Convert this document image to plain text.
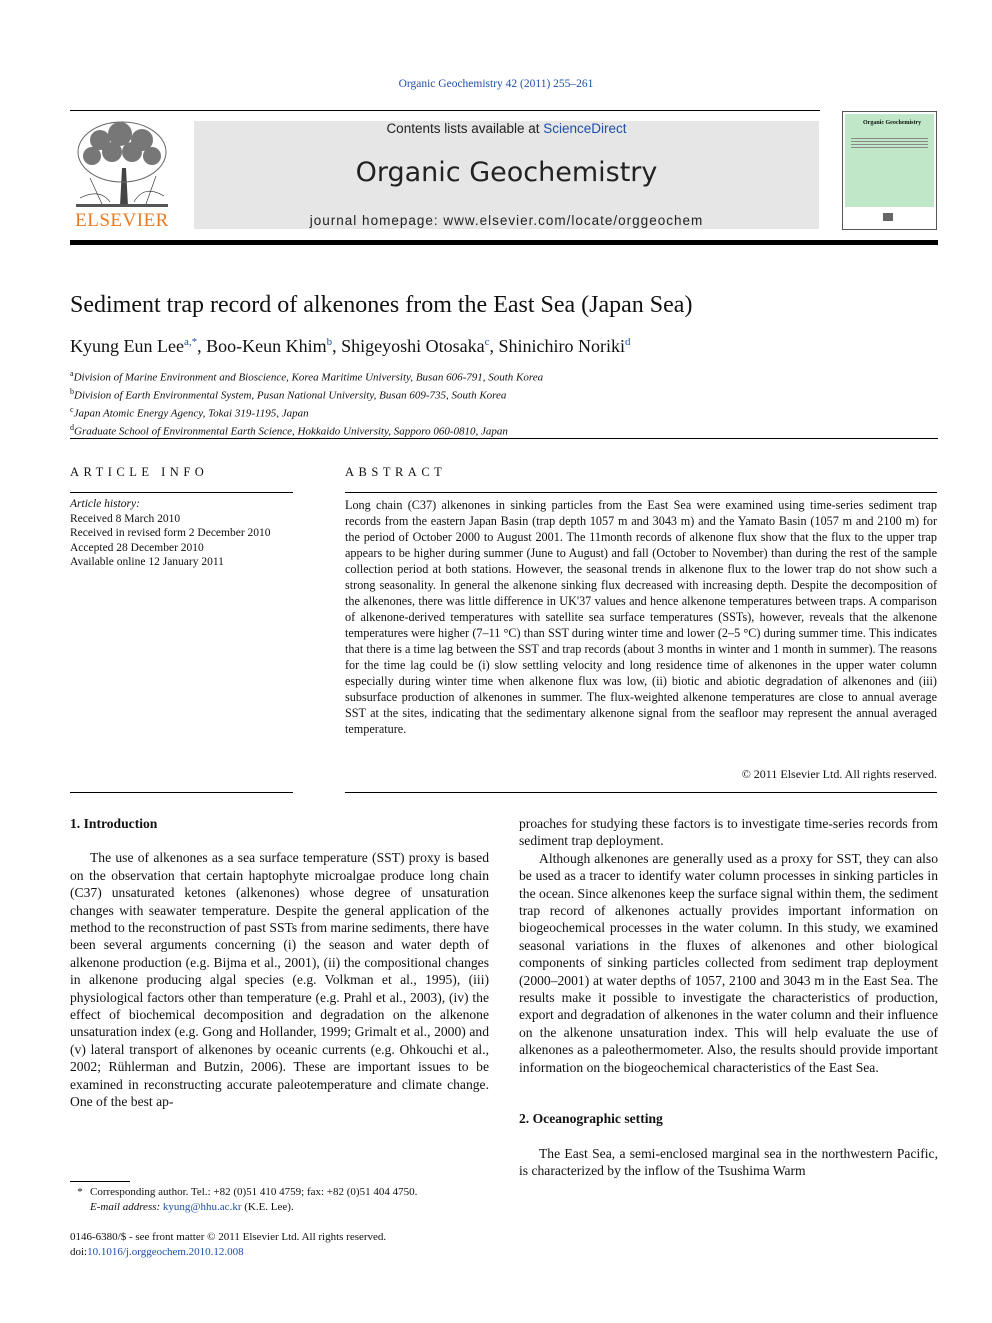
Organic Geochemistry 42 (2011) 255–261
ELSEVIER
Contents lists available at ScienceDirect
Organic Geochemistry
journal homepage: www.elsevier.com/locate/orggeochem
Organic Geochemistry
Sediment trap record of alkenones from the East Sea (Japan Sea)
Kyung Eun Lee$^{a,*}$, Boo-Keun Khim$^b$, Shigeyoshi Otosaka$^c$, Shinichiro Noriki$^d$
$^a$Division of Marine Environment and Bioscience, Korea Maritime University, Busan 606-791, South Korea
$^b$Division of Earth Environmental System, Pusan National University, Busan 609-735, South Korea
$^c$Japan Atomic Energy Agency, Tokai 319-1195, Japan
$^d$Graduate School of Environmental Earth Science, Hokkaido University, Sapporo 060-0810, Japan
ARTICLE INFO
Article history:
Received 8 March 2010
Received in revised form 2 December 2010
Accepted 28 December 2010
Available online 12 January 2011
ABSTRACT
Long chain (C37) alkenones in sinking particles from the East Sea were examined using time-series sediment trap records from the eastern Japan Basin (trap depth 1057 m and 3043 m) and the Yamato Basin (1057 m and 2100 m) for the period of October 2000 to August 2001. The 11month records of alkenone flux show that the flux to the upper trap appears to be higher during summer (June to August) and fall (October to November) than during the rest of the sample collection period at both stations. However, the seasonal trends in alkenone flux to the lower trap do not show such a strong seasonality. In general the alkenone sinking flux decreased with increasing depth. Despite the decomposition of the alkenones, there was little difference in UK'37 values and hence alkenone temperatures between traps. A comparison of alkenone-derived temperatures with satellite sea surface temperatures (SSTs), however, reveals that the alkenone temperatures were higher (7–11 °C) than SST during winter time and lower (2–5 °C) during summer time. This indicates that there is a time lag between the SST and trap records (about 3 months in winter and 1 month in summer). The reasons for the time lag could be (i) slow settling velocity and long residence time of alkenones in the upper water column especially during winter time when alkenone flux was low, (ii) biotic and abiotic degradation of alkenones and (iii) subsurface production of alkenones in summer. The flux-weighted alkenone temperatures are close to annual average SST at the sites, indicating that the sedimentary alkenone signal from the seafloor may represent the annual averaged temperature.
© 2011 Elsevier Ltd. All rights reserved.

1. Introduction

The use of alkenones as a sea surface temperature (SST) proxy is based on the observation that certain haptophyte microalgae produce long chain (C37) unsaturated ketones (alkenones) whose degree of unsaturation changes with seawater temperature. Despite the general application of the method to the reconstruction of past SSTs from marine sediments, there have been several arguments concerning (i) the season and water depth of alkenone production (e.g. Bijma et al., 2001), (ii) the compositional changes in alkenone producing algal species (e.g. Volkman et al., 1995), (iii) physiological factors other than temperature (e.g. Prahl et al., 2003), (iv) the effect of biochemical decomposition and degradation on the alkenone unsaturation index (e.g. Gong and Hollander, 1999; Grimalt et al., 2000) and (v) lateral transport of alkenones by oceanic currents (e.g. Ohkouchi et al., 2002; Rühlerman and Butzin, 2006). These are important issues to be examined in reconstructing accurate paleotemperature and climate change. One of the best ap-

proaches for studying these factors is to investigate time-series records from sediment trap deployment.

Although alkenones are generally used as a proxy for SST, they can also be used as a tracer to identify water column processes in sinking particles in the ocean. Since alkenones keep the surface signal within them, the sediment trap record of alkenones actually provides important information on biogeochemical processes in the water column. In this study, we examined seasonal variations in the fluxes of alkenones and other biological components of sinking particles collected from sediment trap deployment (2000–2001) at water depths of 1057, 2100 and 3043 m in the East Sea. The results make it possible to investigate the characteristics of production, export and degradation of alkenones in the water column and their influence on the alkenone unsaturation index. This will help evaluate the use of alkenones as a paleothermometer. Also, the results should provide important information on the biogeochemical characteristics of the East Sea.

2. Oceanographic setting

The East Sea, a semi-enclosed marginal sea in the northwestern Pacific, is characterized by the inflow of the Tsushima Warm

* Corresponding author. Tel.: +82 (0)51 410 4759; fax: +82 (0)51 404 4750.
E-mail address: kyung@hhu.ac.kr (K.E. Lee).
0146-6380/$ - see front matter © 2011 Elsevier Ltd. All rights reserved.
doi:10.1016/j.orggeochem.2010.12.008
